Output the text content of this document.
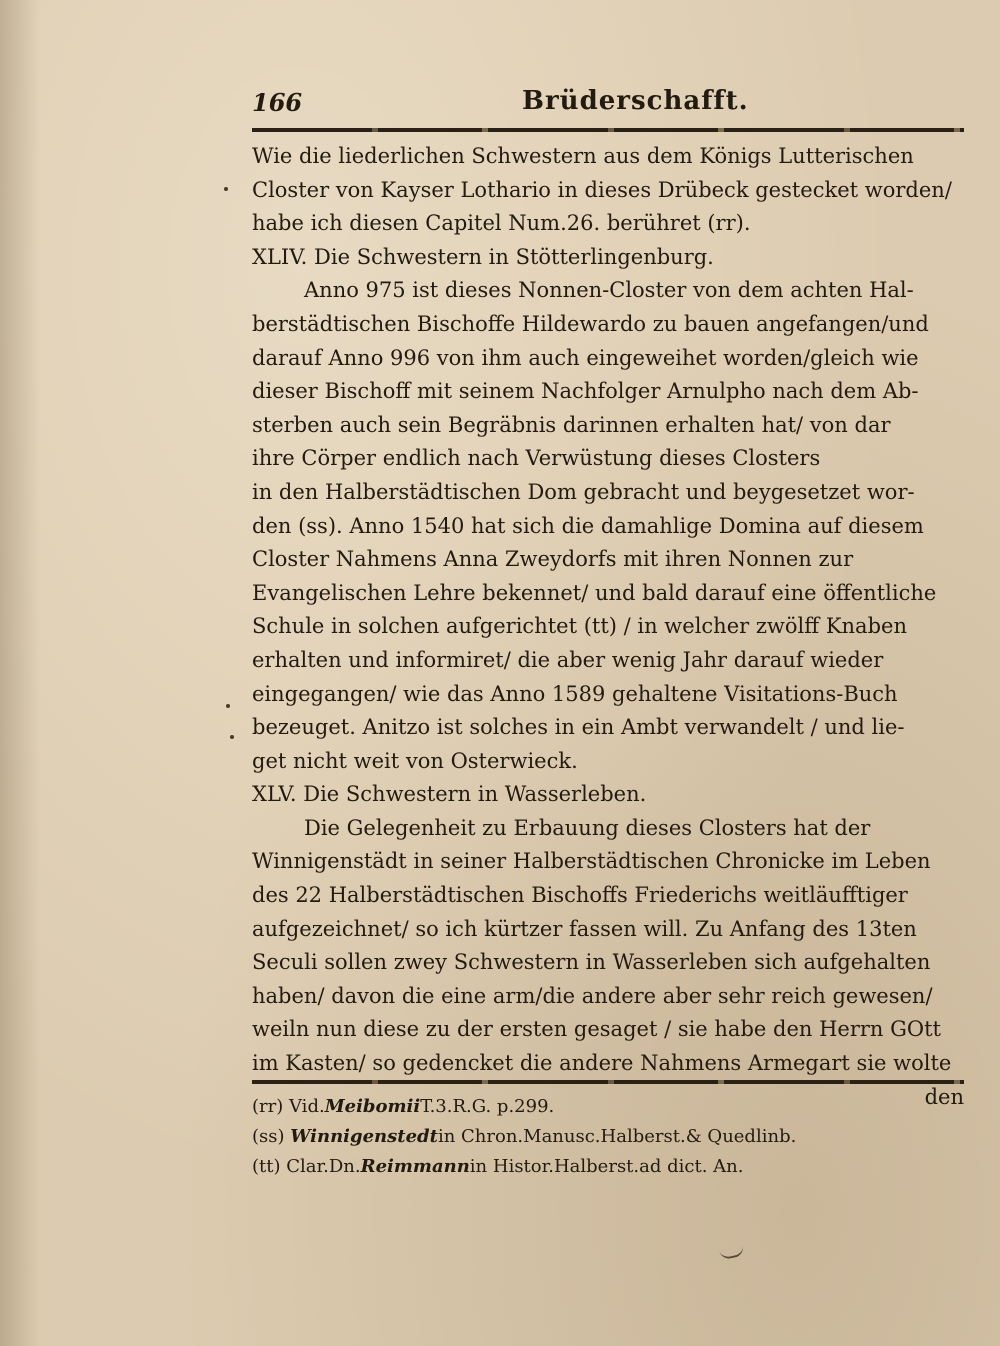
166	Brüderschafft.
Wie die liederlichen Schwestern aus dem Königs Lutterischen
Closter von Kayser Lothario in dieses Drübeck gestecket worden/
habe ich diesen Capitel Num.26. berühret (rr).
XLIV. Die Schwestern in Stötterlingenburg.
Anno 975 ist dieses Nonnen-Closter von dem achten Hal-
berstädtischen Bischoffe Hildewardo zu bauen angefangen/und
darauf Anno 996 von ihm auch eingeweihet worden/gleich wie
dieser Bischoff mit seinem Nachfolger Arnulpho nach dem Ab-
sterben auch sein Begräbnis darinnen erhalten hat/ von dar
ihre Cörper endlich nach Verwüstung dieses Closters
in den Halberstädtischen Dom gebracht und beygesetzet wor-
den (ss). Anno 1540 hat sich die damahlige Domina auf diesem
Closter Nahmens Anna Zweydorfs mit ihren Nonnen zur
Evangelischen Lehre bekennet/ und bald darauf eine öffentliche
Schule in solchen aufgerichtet (tt) / in welcher zwölff Knaben
erhalten und informiret/ die aber wenig Jahr darauf wieder
eingegangen/ wie das Anno 1589 gehaltene Visitations-Buch
bezeuget. Anitzo ist solches in ein Ambt verwandelt / und lie-
get nicht weit von Osterwieck.
XLV. Die Schwestern in Wasserleben.
Die Gelegenheit zu Erbauung dieses Closters hat der
Winnigenstädt in seiner Halberstädtischen Chronicke im Leben
des 22 Halberstädtischen Bischoffs Friederichs weitläufftiger
aufgezeichnet/ so ich kürtzer fassen will. Zu Anfang des 13ten
Seculi sollen zwey Schwestern in Wasserleben sich aufgehalten
haben/ davon die eine arm/die andere aber sehr reich gewesen/
weiln nun diese zu der ersten gesaget / sie habe den Herrn GOtt
im Kasten/ so gedencket die andere Nahmens Armegart sie wolte
den
(rr) Vid.MeibomiiT.3.R.G. p.299.
(ss) Winnigenstedtin Chron.Manusc.Halberst.& Quedlinb.
(tt) Clar.Dn.Reimmannin Histor.Halberst.ad dict. An.
